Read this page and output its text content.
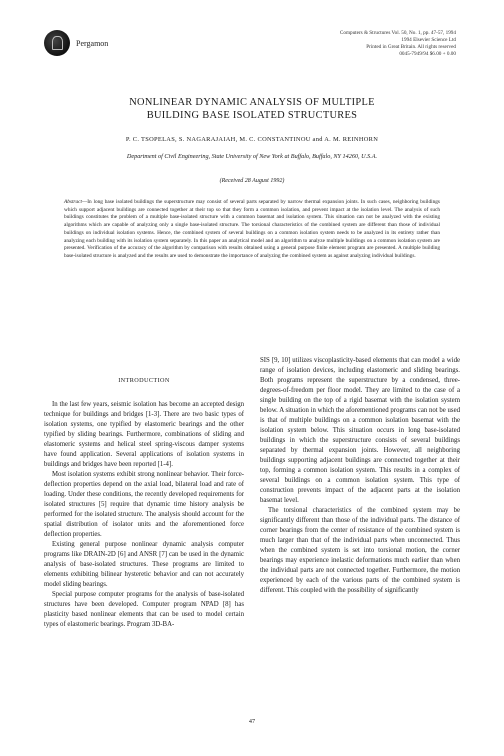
Pergamon
Computers & Structures Vol. 50, No. 1, pp. 47-57, 1994
1994 Elsevier Science Ltd
Printed in Great Britain. All rights reserved
0045-7949/94 $6.00 + 0.00
NONLINEAR DYNAMIC ANALYSIS OF MULTIPLE
BUILDING BASE ISOLATED STRUCTURES
P. C. TSOPELAS, S. NAGARAJAIAH, M. C. CONSTANTINOU and A. M. REINHORN
Department of Civil Engineering, State University of New York at Buffalo, Buffalo, NY 14260, U.S.A.
(Received 28 August 1992)

Abstract—In long base isolated buildings the superstructure may consist of several parts separated by narrow thermal expansion joints. In such cases, neighboring buildings which support adjacent buildings are connected together at their top so that they form a common isolation, and prevent impact at the isolation level. The analysis of such buildings constitutes the problem of a multiple base-isolated structure with a common basemat and isolation system. This situation can not be analyzed with the existing algorithms which are capable of analyzing only a single base-isolated structure. The torsional characteristics of the combined system are different than those of individual buildings on individual isolation systems. Hence, the combined system of several buildings on a common isolation system needs to be analyzed in its entirety rather than analyzing each building with its isolation system separately. In this paper an analytical model and an algorithm to analyze multiple buildings on a common isolation system are presented. Verification of the accuracy of the algorithm by comparison with results obtained using a general purpose finite element program are presented. A multiple building base-isolated structure is analyzed and the results are used to demonstrate the importance of analyzing the combined system as against analyzing individual buildings.

INTRODUCTION

In the last few years, seismic isolation has become an accepted design technique for buildings and bridges [1-3]. There are two basic types of isolation systems, one typified by elastomeric bearings and the other typified by sliding bearings. Furthermore, combinations of sliding and elastomeric systems and helical steel spring-viscous damper systems have found application. Several applications of isolation systems in buildings and bridges have been reported [1-4].

Most isolation systems exhibit strong nonlinear behavior. Their force-deflection properties depend on the axial load, bilateral load and rate of loading. Under these conditions, the recently developed requirements for isolated structures [5] require that dynamic time history analysis be performed for the isolated structure. The analysis should account for the spatial distribution of isolator units and the aforementioned force deflection properties.

Existing general purpose nonlinear dynamic analysis computer programs like DRAIN-2D [6] and ANSR [7] can be used in the dynamic analysis of base-isolated structures. These programs are limited to elements exhibiting bilinear hysteretic behavior and can not accurately model sliding bearings.

Special purpose computer programs for the analysis of base-isolated structures have been developed. Computer program NPAD [8] has plasticity based nonlinear elements that can be used to model certain types of elastomeric bearings. Program 3D-BA-

SIS [9, 10] utilizes viscoplasticity-based elements that can model a wide range of isolation devices, including elastomeric and sliding bearings. Both programs represent the superstructure by a condensed, three-degrees-of-freedom per floor model. They are limited to the case of a single building on the top of a rigid basemat with the isolation system below. A situation in which the aforementioned programs can not be used is that of multiple buildings on a common isolation basemat with the isolation system below. This situation occurs in long base-isolated buildings in which the superstructure consists of several buildings separated by thermal expansion joints. However, all neighboring buildings supporting adjacent buildings are connected together at their top, forming a common isolation system. This results in a complex of several buildings on a common isolation system. This type of construction prevents impact of the adjacent parts at the isolation basemat level.

The torsional characteristics of the combined system may be significantly different than those of the individual parts. The distance of corner bearings from the center of resistance of the combined system is much larger than that of the individual parts when unconnected. Thus when the combined system is set into torsional motion, the corner bearings may experience inelastic deformations much earlier than when the individual parts are not connected together. Furthermore, the motion experienced by each of the various parts of the combined system is different. This coupled with the possibility of significantly

47
